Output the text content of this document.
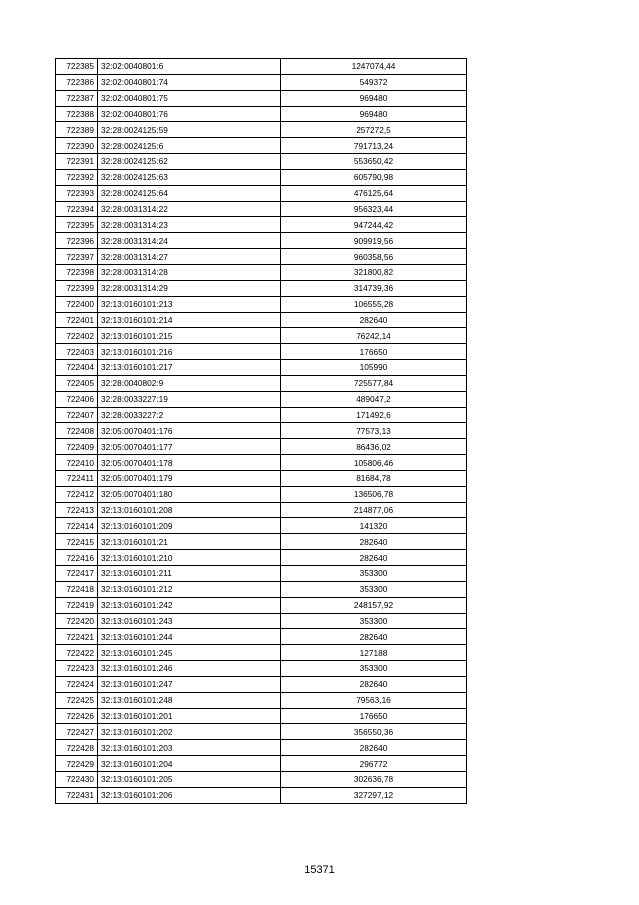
722385	32:02:0040801:6	1247074,44
722386	32:02:0040801:74	549372
722387	32:02:0040801:75	969480
722388	32:02:0040801:76	969480
722389	32:28:0024125:59	257272,5
722390	32:28:0024125:6	791713,24
722391	32:28:0024125:62	553650,42
722392	32:28:0024125:63	605790,98
722393	32:28:0024125:64	476125,64
722394	32:28:0031314:22	956323,44
722395	32:28:0031314:23	947244,42
722396	32:28:0031314:24	909919,56
722397	32:28:0031314:27	960358,56
722398	32:28:0031314:28	321800,82
722399	32:28:0031314:29	314739,36
722400	32:13:0160101:213	106555,28
722401	32:13:0160101:214	282640
722402	32:13:0160101:215	76242,14
722403	32:13:0160101:216	176650
722404	32:13:0160101:217	105990
722405	32:28:0040802:9	725577,84
722406	32:28:0033227:19	489047,2
722407	32:28:0033227:2	171492,6
722408	32:05:0070401:176	77573,13
722409	32:05:0070401:177	86436,02
722410	32:05:0070401:178	105806,46
722411	32:05:0070401:179	81684,78
722412	32:05:0070401:180	136506,78
722413	32:13:0160101:208	214877,06
722414	32:13:0160101:209	141320
722415	32:13:0160101:21	282640
722416	32:13:0160101:210	282640
722417	32:13:0160101:211	353300
722418	32:13:0160101:212	353300
722419	32:13:0160101:242	248157,92
722420	32:13:0160101:243	353300
722421	32:13:0160101:244	282640
722422	32:13:0160101:245	127188
722423	32:13:0160101:246	353300
722424	32:13:0160101:247	282640
722425	32:13:0160101:248	79563,16
722426	32:13:0160101:201	176650
722427	32:13:0160101:202	356550,36
722428	32:13:0160101:203	282640
722429	32:13:0160101:204	296772
722430	32:13:0160101:205	302636,78
722431	32:13:0160101:206	327297,12
15371
